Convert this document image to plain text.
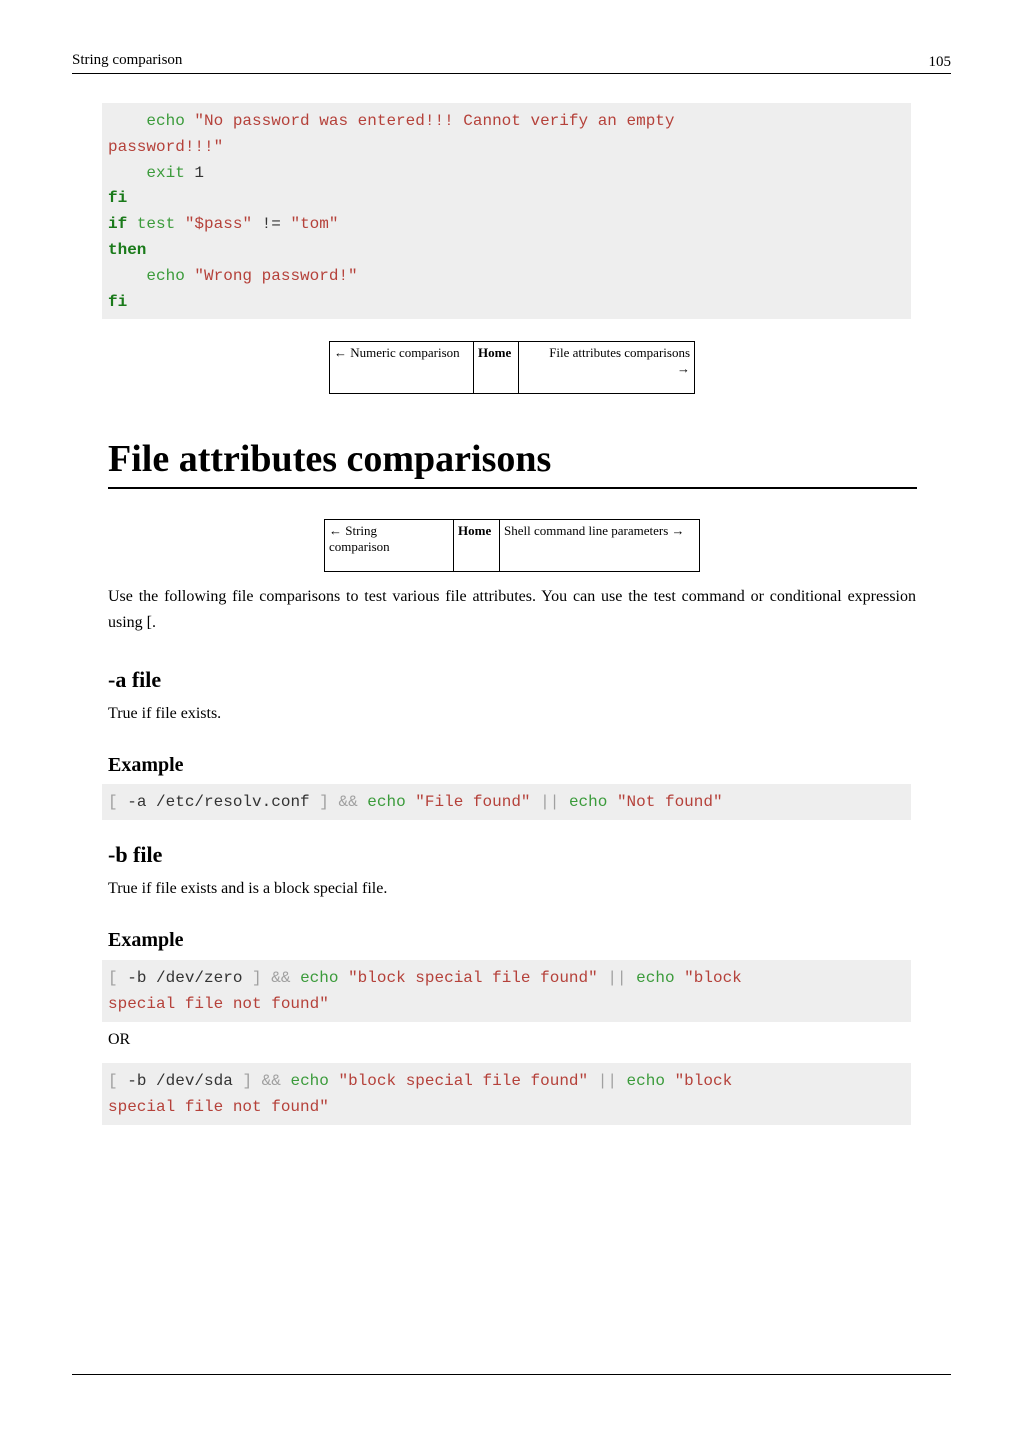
String comparison	105
echo "No password was entered!!! Cannot verify an empty
password!!!"
exit 1
fi
if test "$pass" != "tom"
then
echo "Wrong password!"
fi
← Numeric comparison	Home	File attributes comparisons
→
File attributes comparisons
← String
comparison	Home	Shell command line parameters →

Use the following file comparisons to test various file attributes. You can use the test command or conditional expression using [.

-a file

True if file exists.

Example
[ -a /etc/resolv.conf ] && echo "File found" || echo "Not found"
-b file

True if file exists and is a block special file.

Example
[ -b /dev/zero ] && echo "block special file found" || echo "block
special file not found"

OR

[ -b /dev/sda ] && echo "block special file found" || echo "block
special file not found"
